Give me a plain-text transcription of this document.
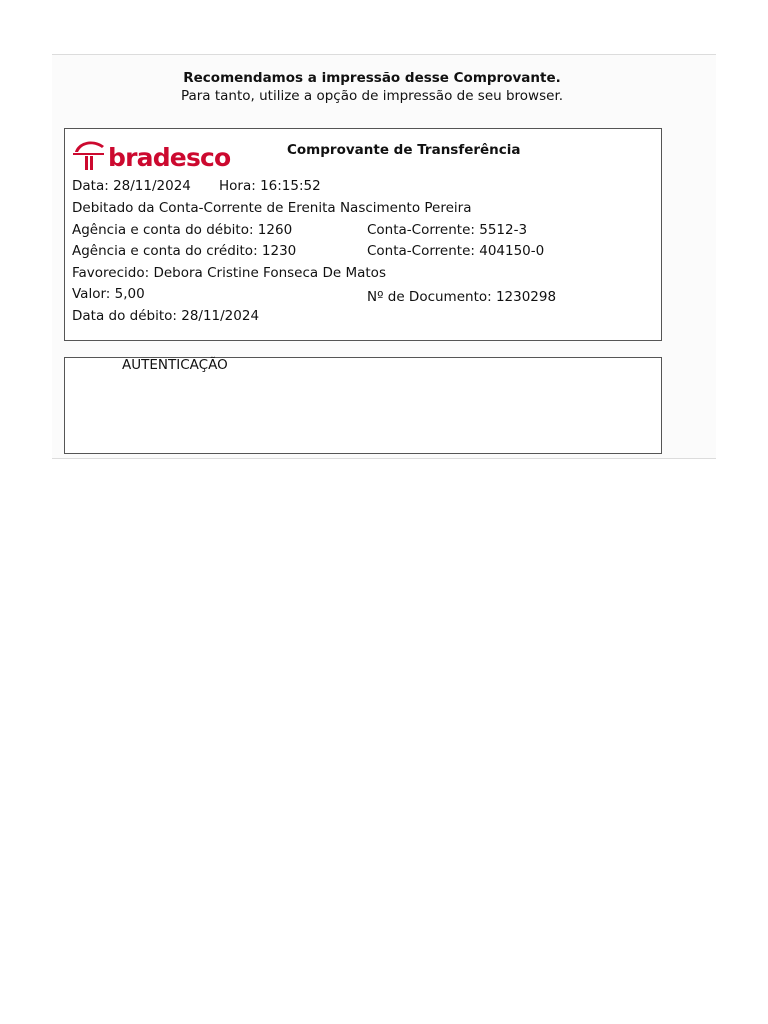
Recomendamos a impressão desse Comprovante.
Para tanto, utilize a opção de impressão de seu browser.
bradesco	Comprovante de Transferência
Data: 28/11/2024 Hora: 16:15:52
Debitado da Conta-Corrente de Erenita Nascimento Pereira
Agência e conta do débito: 1260	Conta-Corrente: 5512-3
Agência e conta do crédito: 1230	Conta-Corrente: 404150-0
Favorecido: Debora Cristine Fonseca De Matos
Valor: 5,00	Nº de Documento: 1230298
Data do débito: 28/11/2024
AUTENTICAÇÃO
